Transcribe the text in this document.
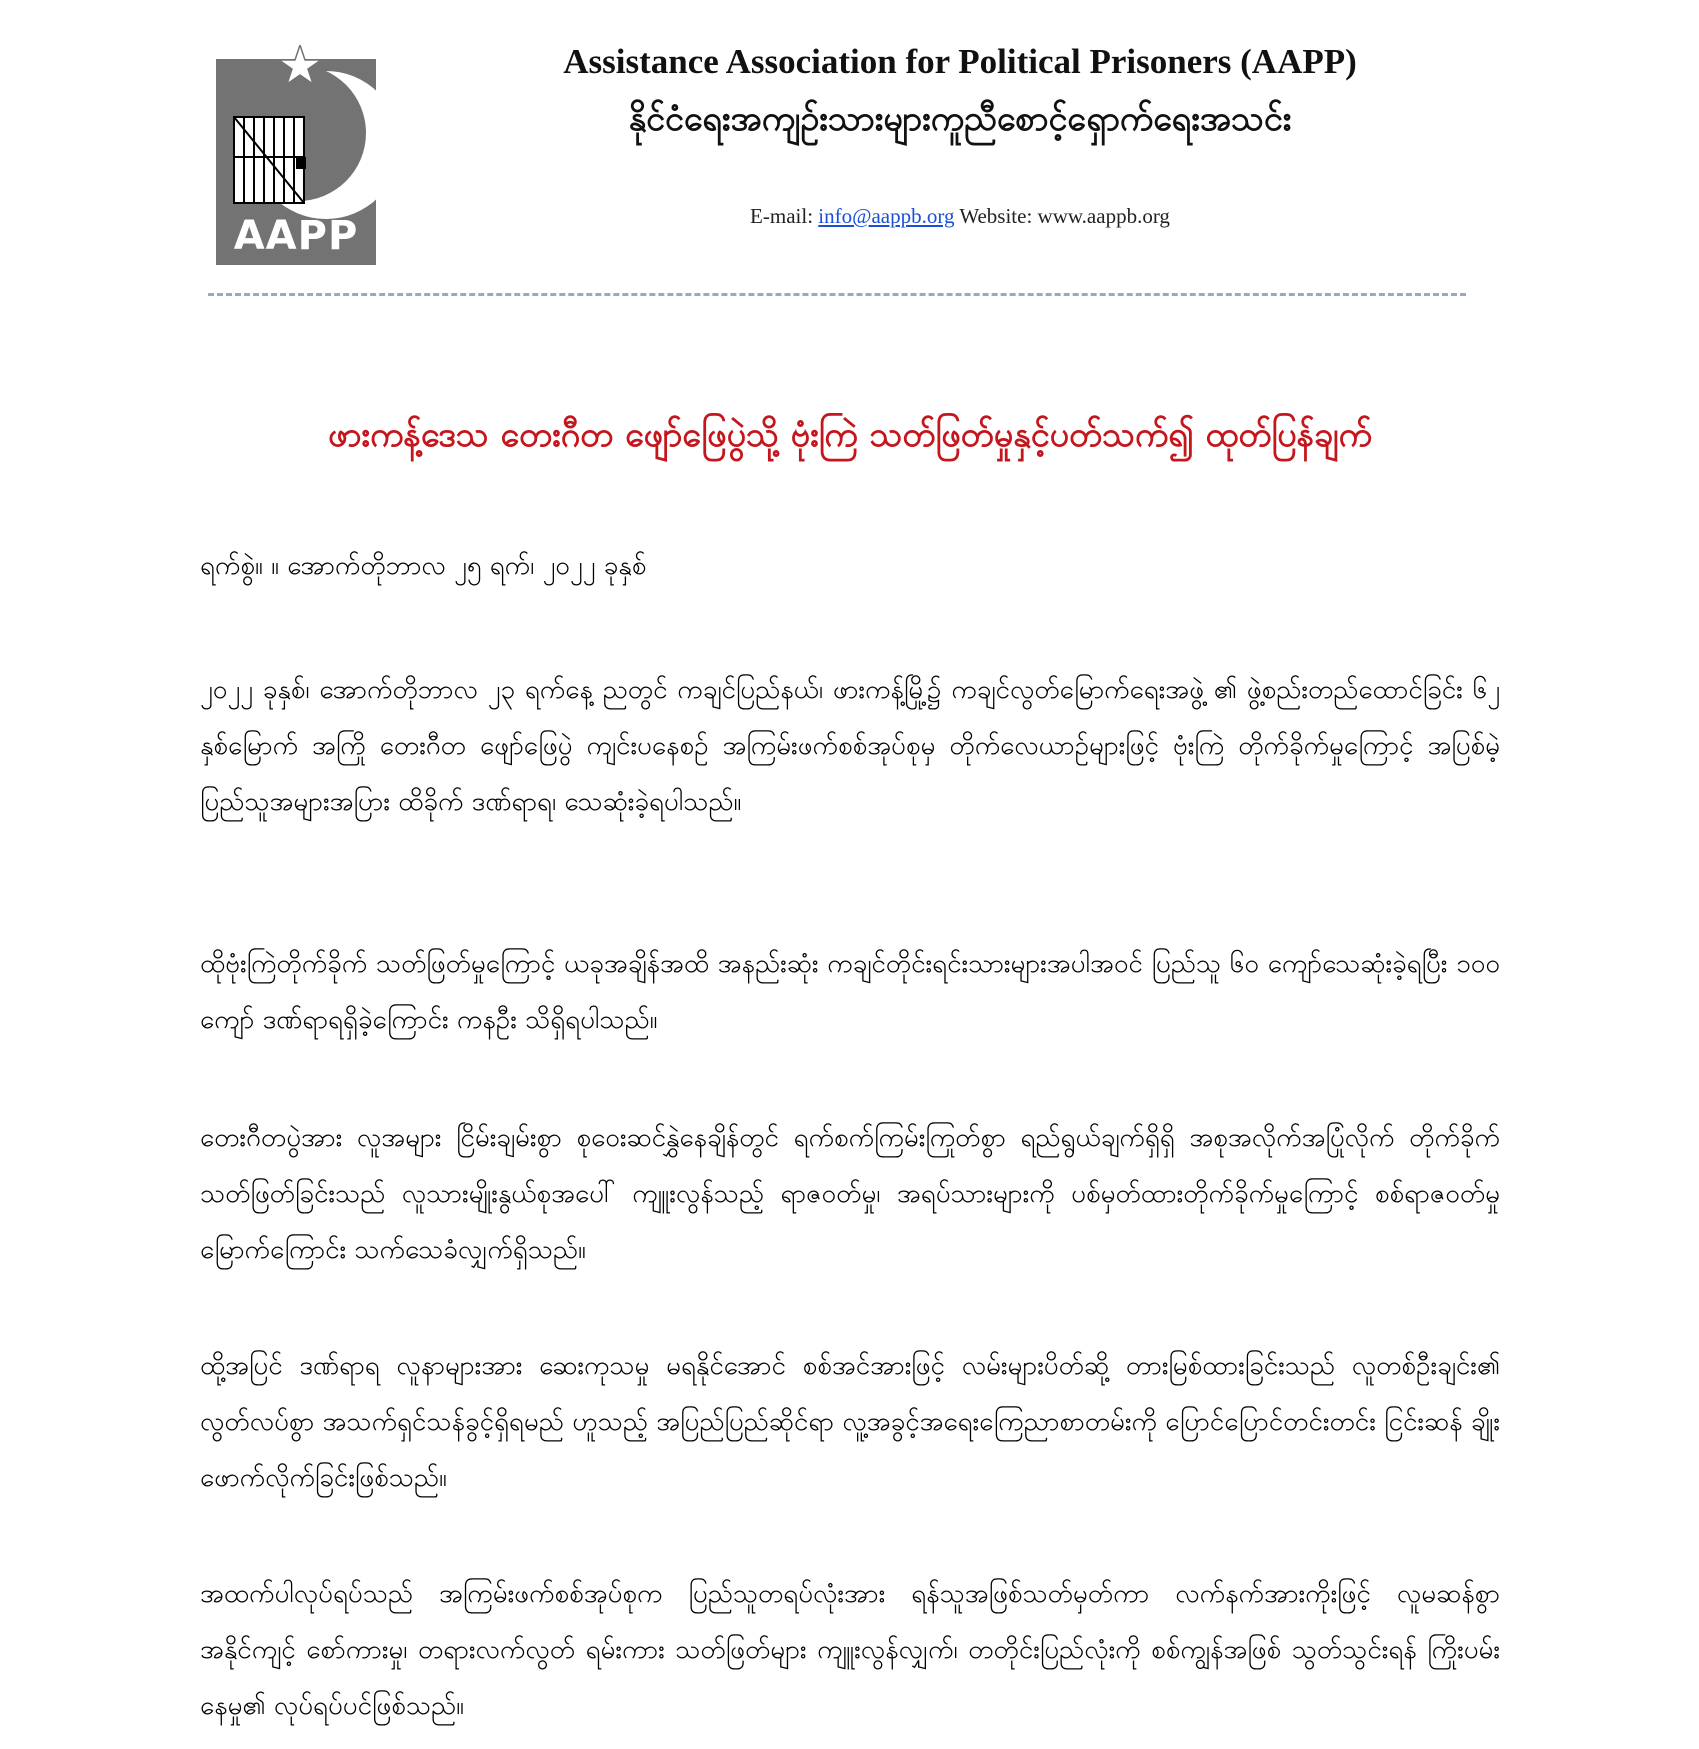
AAPP
Assistance Association for Political Prisoners (AAPP)
နိုင်ငံရေးအကျဉ်းသားများကူညီစောင့်ရှောက်ရေးအသင်း
E-mail: info@aappb.org Website: www.aappb.org
ဖားကန့်ဒေသ တေးဂီတ ဖျော်ဖြေပွဲသို့ ဗုံးကြဲ သတ်ဖြတ်မှုနှင့်ပတ်သက်၍ ထုတ်ပြန်ချက်
ရက်စွဲ။ ။ အောက်တိုဘာလ ၂၅ ရက်၊ ၂၀၂၂ ခုနှစ်
၂၀၂၂ ခုနှစ်၊ အောက်တိုဘာလ ၂၃ ရက်နေ့ ညတွင် ကချင်ပြည်နယ်၊ ဖားကန့်မြို့၌ ကချင်လွတ်မြောက်ရေးအဖွဲ့ ၏ ဖွဲ့စည်းတည်ထောင်ခြင်း ၆၂ နှစ်မြောက် အကြို တေးဂီတ ဖျော်ဖြေပွဲ ကျင်းပနေစဉ် အကြမ်းဖက်စစ်အုပ်စုမှ တိုက်လေယာဉ်များဖြင့် ဗုံးကြဲ တိုက်ခိုက်မှုကြောင့် အပြစ်မဲ့ ပြည်သူအများအပြား ထိခိုက် ဒဏ်ရာရ၊ သေဆုံးခဲ့ရပါသည်။
ထိုဗုံးကြဲတိုက်ခိုက် သတ်ဖြတ်မှုကြောင့် ယခုအချိန်အထိ အနည်းဆုံး ကချင်တိုင်းရင်းသားများအပါအဝင် ပြည်သူ ၆၀ ကျော်သေဆုံးခဲ့ရပြီး ၁၀၀ ကျော် ဒဏ်ရာရရှိခဲ့ကြောင်း ကနဦး သိရှိရပါသည်။
တေးဂီတပွဲအား လူအများ ငြိမ်းချမ်းစွာ စုဝေးဆင်နွှဲနေချိန်တွင် ရက်စက်ကြမ်းကြုတ်စွာ ရည်ရွယ်ချက်ရှိရှိ အစုအလိုက်အပြုံလိုက် တိုက်ခိုက်သတ်ဖြတ်ခြင်းသည် လူသားမျိုးနွယ်စုအပေါ် ကျူးလွန်သည့် ရာဇဝတ်မှု၊ အရပ်သားများကို ပစ်မှတ်ထားတိုက်ခိုက်မှုကြောင့် စစ်ရာဇဝတ်မှု မြောက်ကြောင်း သက်သေခံလျှက်ရှိသည်။
ထို့အပြင် ဒဏ်ရာရ လူနာများအား ဆေးကုသမှု မရနိုင်အောင် စစ်အင်အားဖြင့် လမ်းများပိတ်ဆို့ တားမြစ်ထားခြင်းသည် လူတစ်ဦးချင်း၏ လွတ်လပ်စွာ အသက်ရှင်သန်ခွင့်ရှိရမည် ဟူသည့် အပြည်ပြည်ဆိုင်ရာ လူ့အခွင့်အရေးကြေညာစာတမ်းကို ပြောင်ပြောင်တင်းတင်း ငြင်းဆန် ချိုးဖောက်လိုက်ခြင်းဖြစ်သည်။
အထက်ပါလုပ်ရပ်သည် အကြမ်းဖက်စစ်အုပ်စုက ပြည်သူတရပ်လုံးအား ရန်သူအဖြစ်သတ်မှတ်ကာ လက်နက်အားကိုးဖြင့် လူမဆန်စွာ အနိုင်ကျင့် စော်ကားမှု၊ တရားလက်လွတ် ရမ်းကား သတ်ဖြတ်များ ကျူးလွန်လျှက်၊ တတိုင်းပြည်လုံးကို စစ်ကျွန်အဖြစ် သွတ်သွင်းရန် ကြိုးပမ်းနေမှု၏ လုပ်ရပ်ပင်ဖြစ်သည်။
